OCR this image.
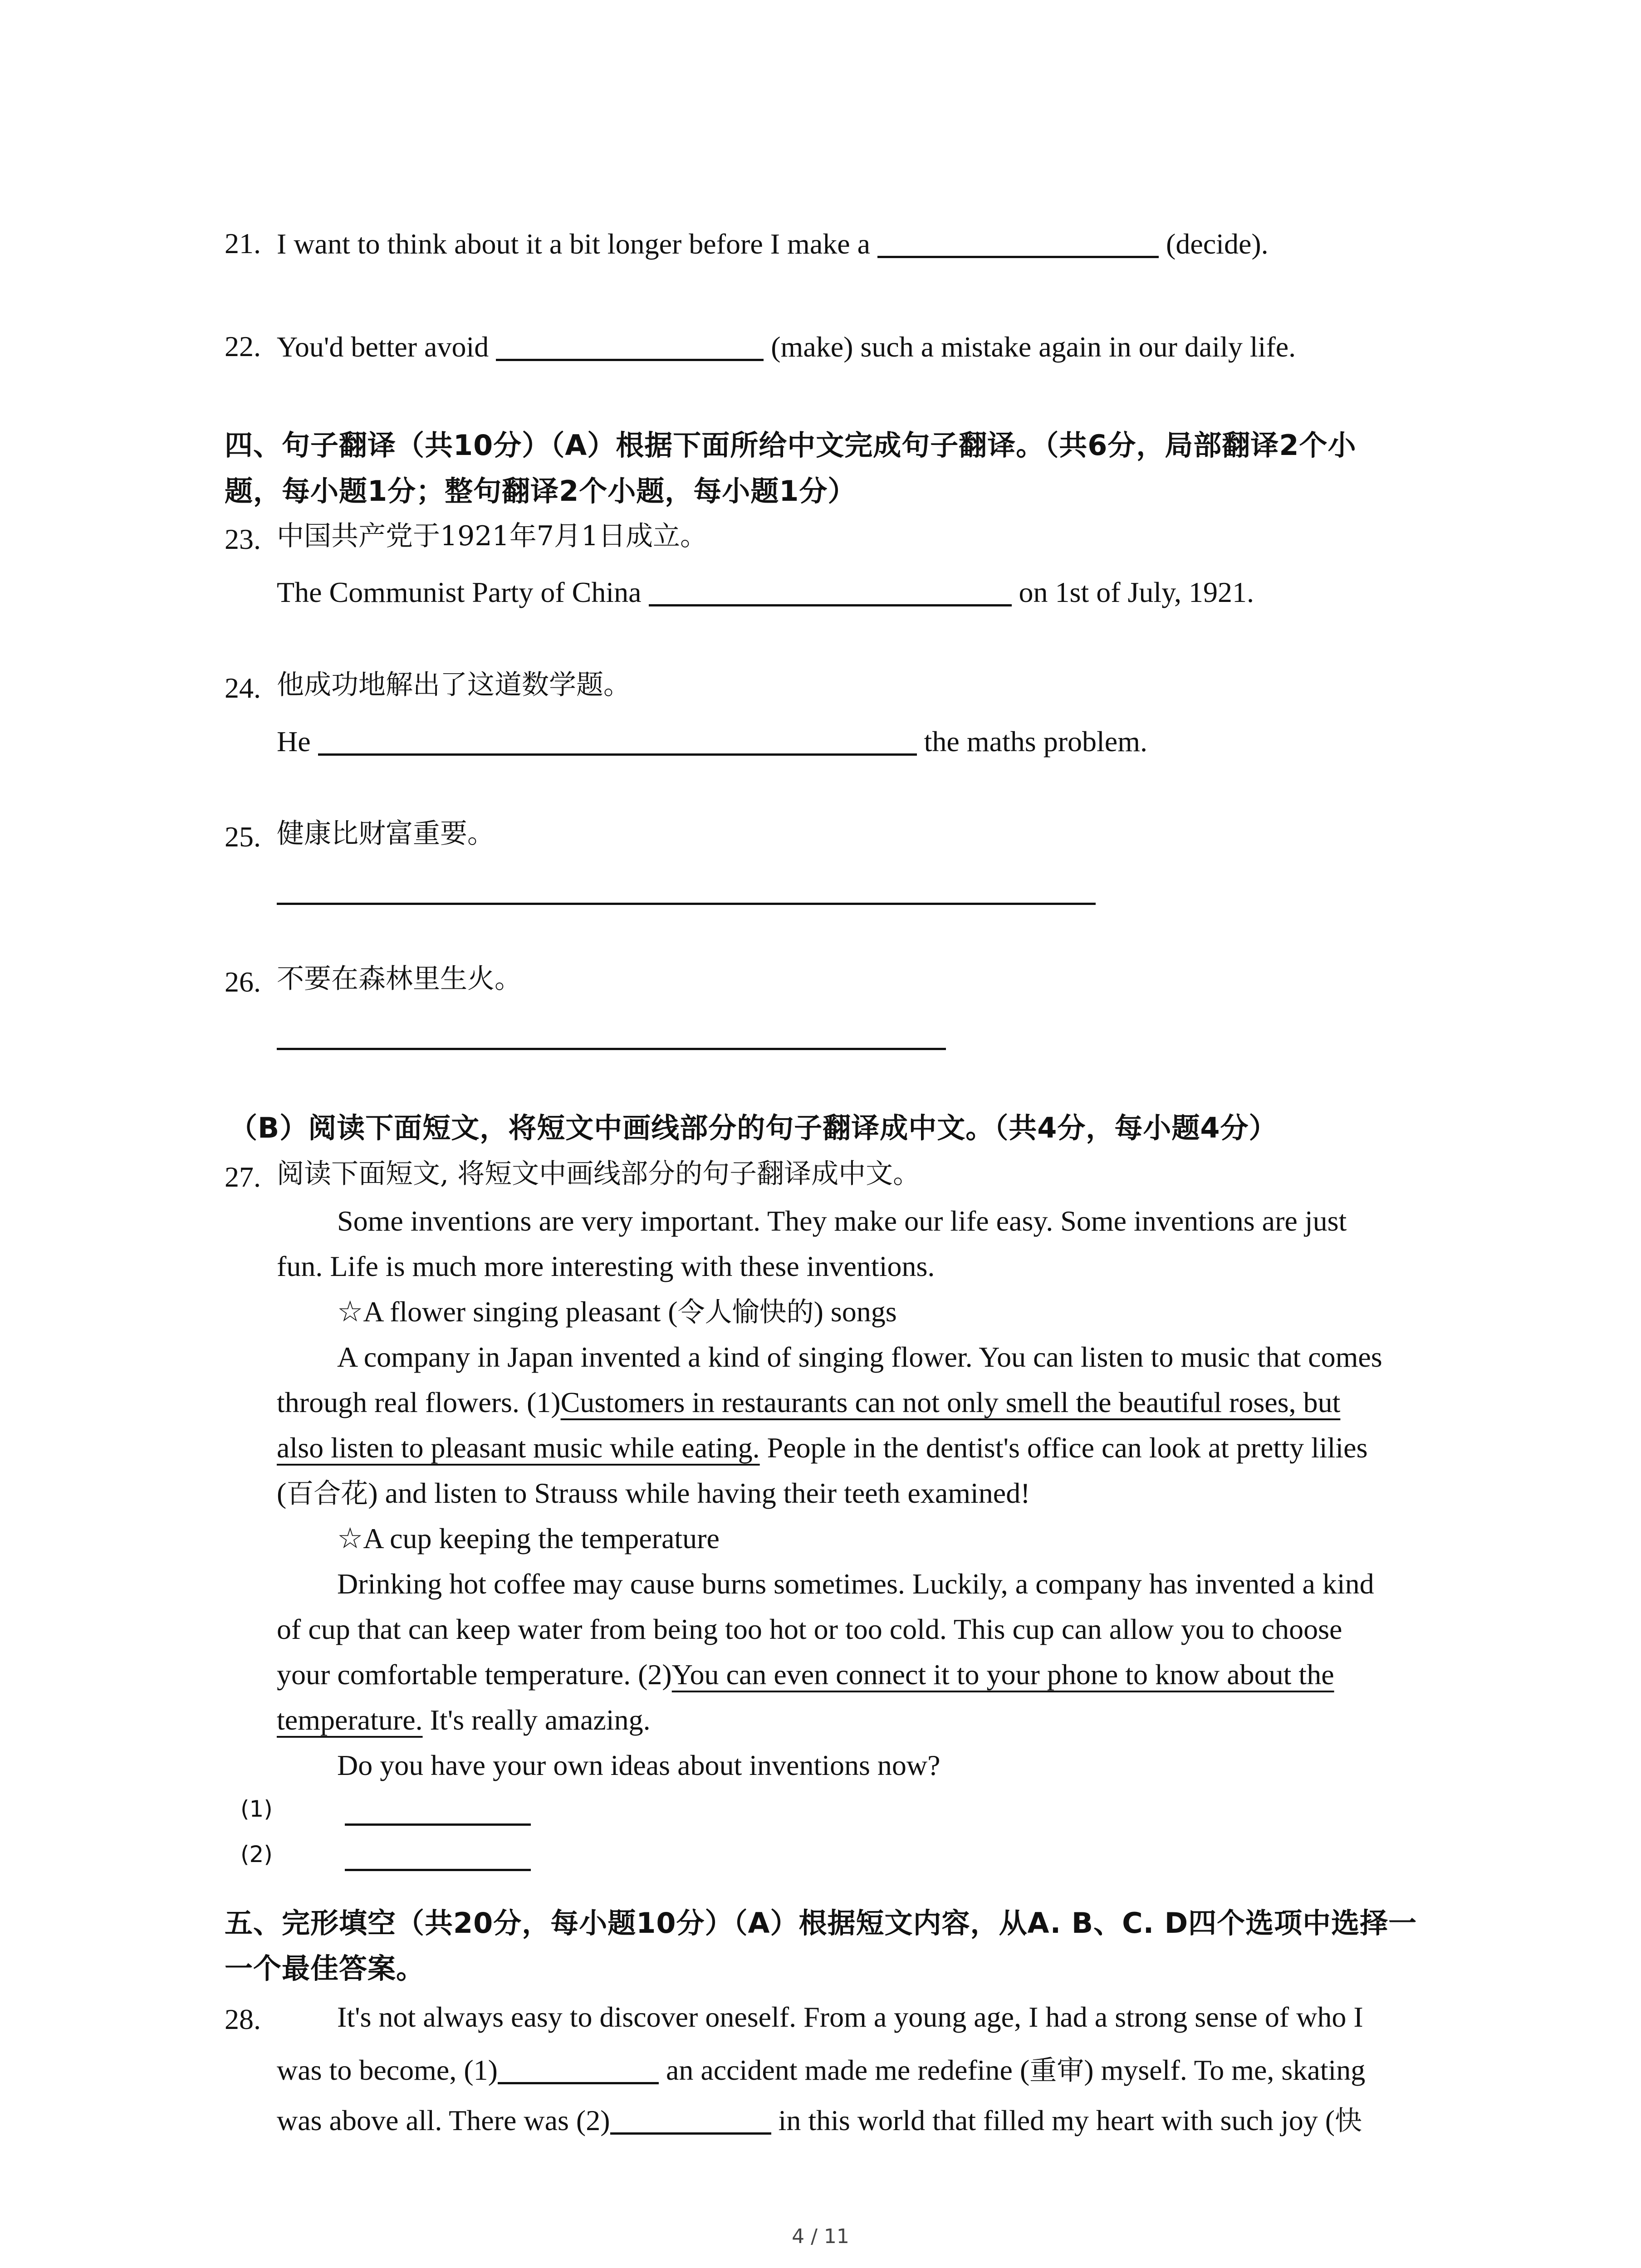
21. I want to think about it a bit longer before I make a	(decide).
22. You'd better avoid	(make) such a mistake again in our daily life.
四、句子翻译（共10分）（A）根据下面所给中文完成句子翻译。（共6分，局部翻译2个小
题，每小题1分；整句翻译2个小题，每小题1分）
23. 中国共产党于1921年7月1日成立。
The Communist Party of China	on 1st of July, 1921.
24. 他成功地解出了这道数学题。
He	the maths problem.
25. 健康比财富重要。
26. 不要在森林里生火。
（B）阅读下面短文，将短文中画线部分的句子翻译成中文。（共4分，每小题4分）
27. 阅读下面短文, 将短文中画线部分的句子翻译成中文。
Some inventions are very important. They make our life easy. Some inventions are just
fun. Life is much more interesting with these inventions.
☆A flower singing pleasant (令人愉快的) songs
A company in Japan invented a kind of singing flower. You can listen to music that comes
through real flowers. (1)Customers in restaurants can not only smell the beautiful roses, but
also listen to pleasant music while eating. People in the dentist's office can look at pretty lilies
(百合花) and listen to Strauss while having their teeth examined!
☆A cup keeping the temperature
Drinking hot coffee may cause burns sometimes. Luckily, a company has invented a kind
of cup that can keep water from being too hot or too cold. This cup can allow you to choose
your comfortable temperature. (2)You can even connect it to your phone to know about the
temperature. It's really amazing.
Do you have your own ideas about inventions now?
(1)
(2)
五、完形填空（共20分，每小题10分）（A）根据短文内容，从A. B、C. D四个选项中选择一
一个最佳答案。
28.	It's not always easy to discover oneself. From a young age, I had a strong sense of who I
was to become, (1)	an accident made me redefine (重审) myself. To me, skating
was above all. There was (2)	in this world that filled my heart with such joy (快
4 / 11
